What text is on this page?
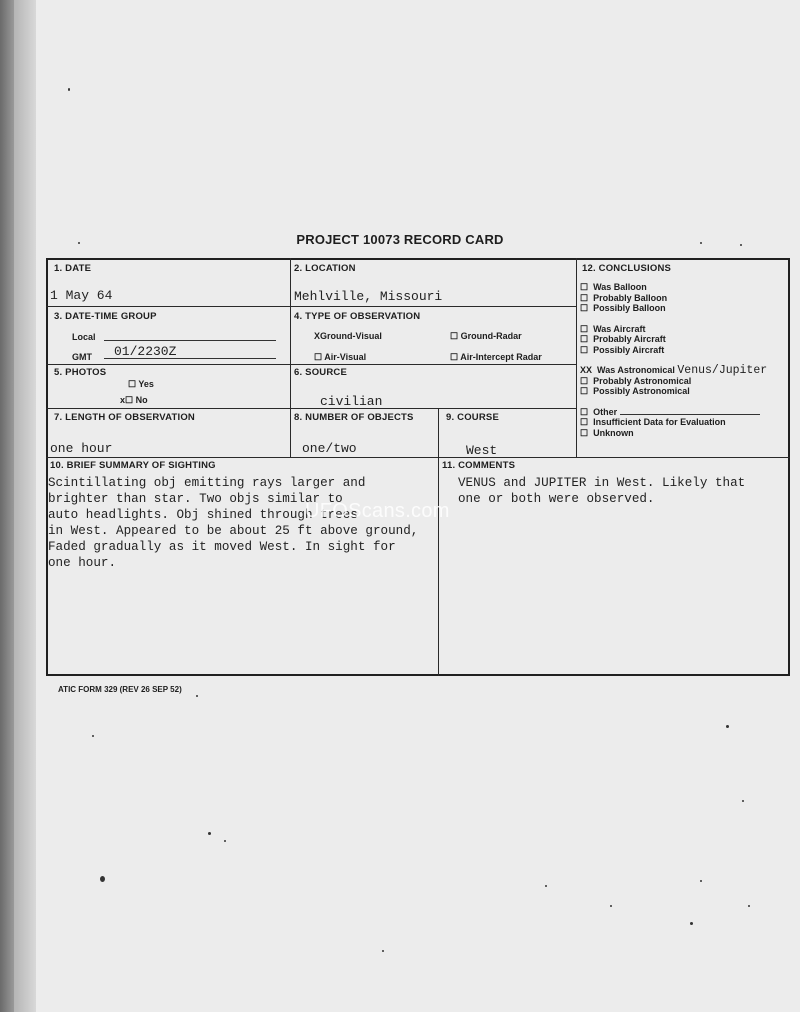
PROJECT 10073 RECORD CARD
1. DATE
1 May 64
2. LOCATION
Mehlville, Missouri
3. DATE-TIME GROUP
Local
GMT 01/2230Z
4. TYPE OF OBSERVATION
XGround-Visual	☐ Ground-Radar
☐ Air-Visual	☐ Air-Intercept Radar
5. PHOTOS
☐ Yes
x☐ No
6. SOURCE
civilian
7. LENGTH OF OBSERVATION
one hour
8. NUMBER OF OBJECTS
one/two
9. COURSE
West
10. BRIEF SUMMARY OF SIGHTING
Scintillating obj emitting rays larger and
brighter than star. Two objs similar to
auto headlights. Obj shined through trees
in West. Appeared to be about 25 ft above ground,
Faded gradually as it moved West. In sight for
one hour.
11. COMMENTS
VENUS and JUPITER in West. Likely that
one or both were observed.
12. CONCLUSIONS
☐ Was Balloon
☐ Probably Balloon
☐ Possibly Balloon
☐ Was Aircraft
☐ Probably Aircraft
☐ Possibly Aircraft
XX Was Astronomical Venus/Jupiter
☐ Probably Astronomical
☐ Possibly Astronomical
☐ Other
☐ Insufficient Data for Evaluation
☐ Unknown
ATIC FORM 329 (REV 26 SEP 52)
UFOScans.com
